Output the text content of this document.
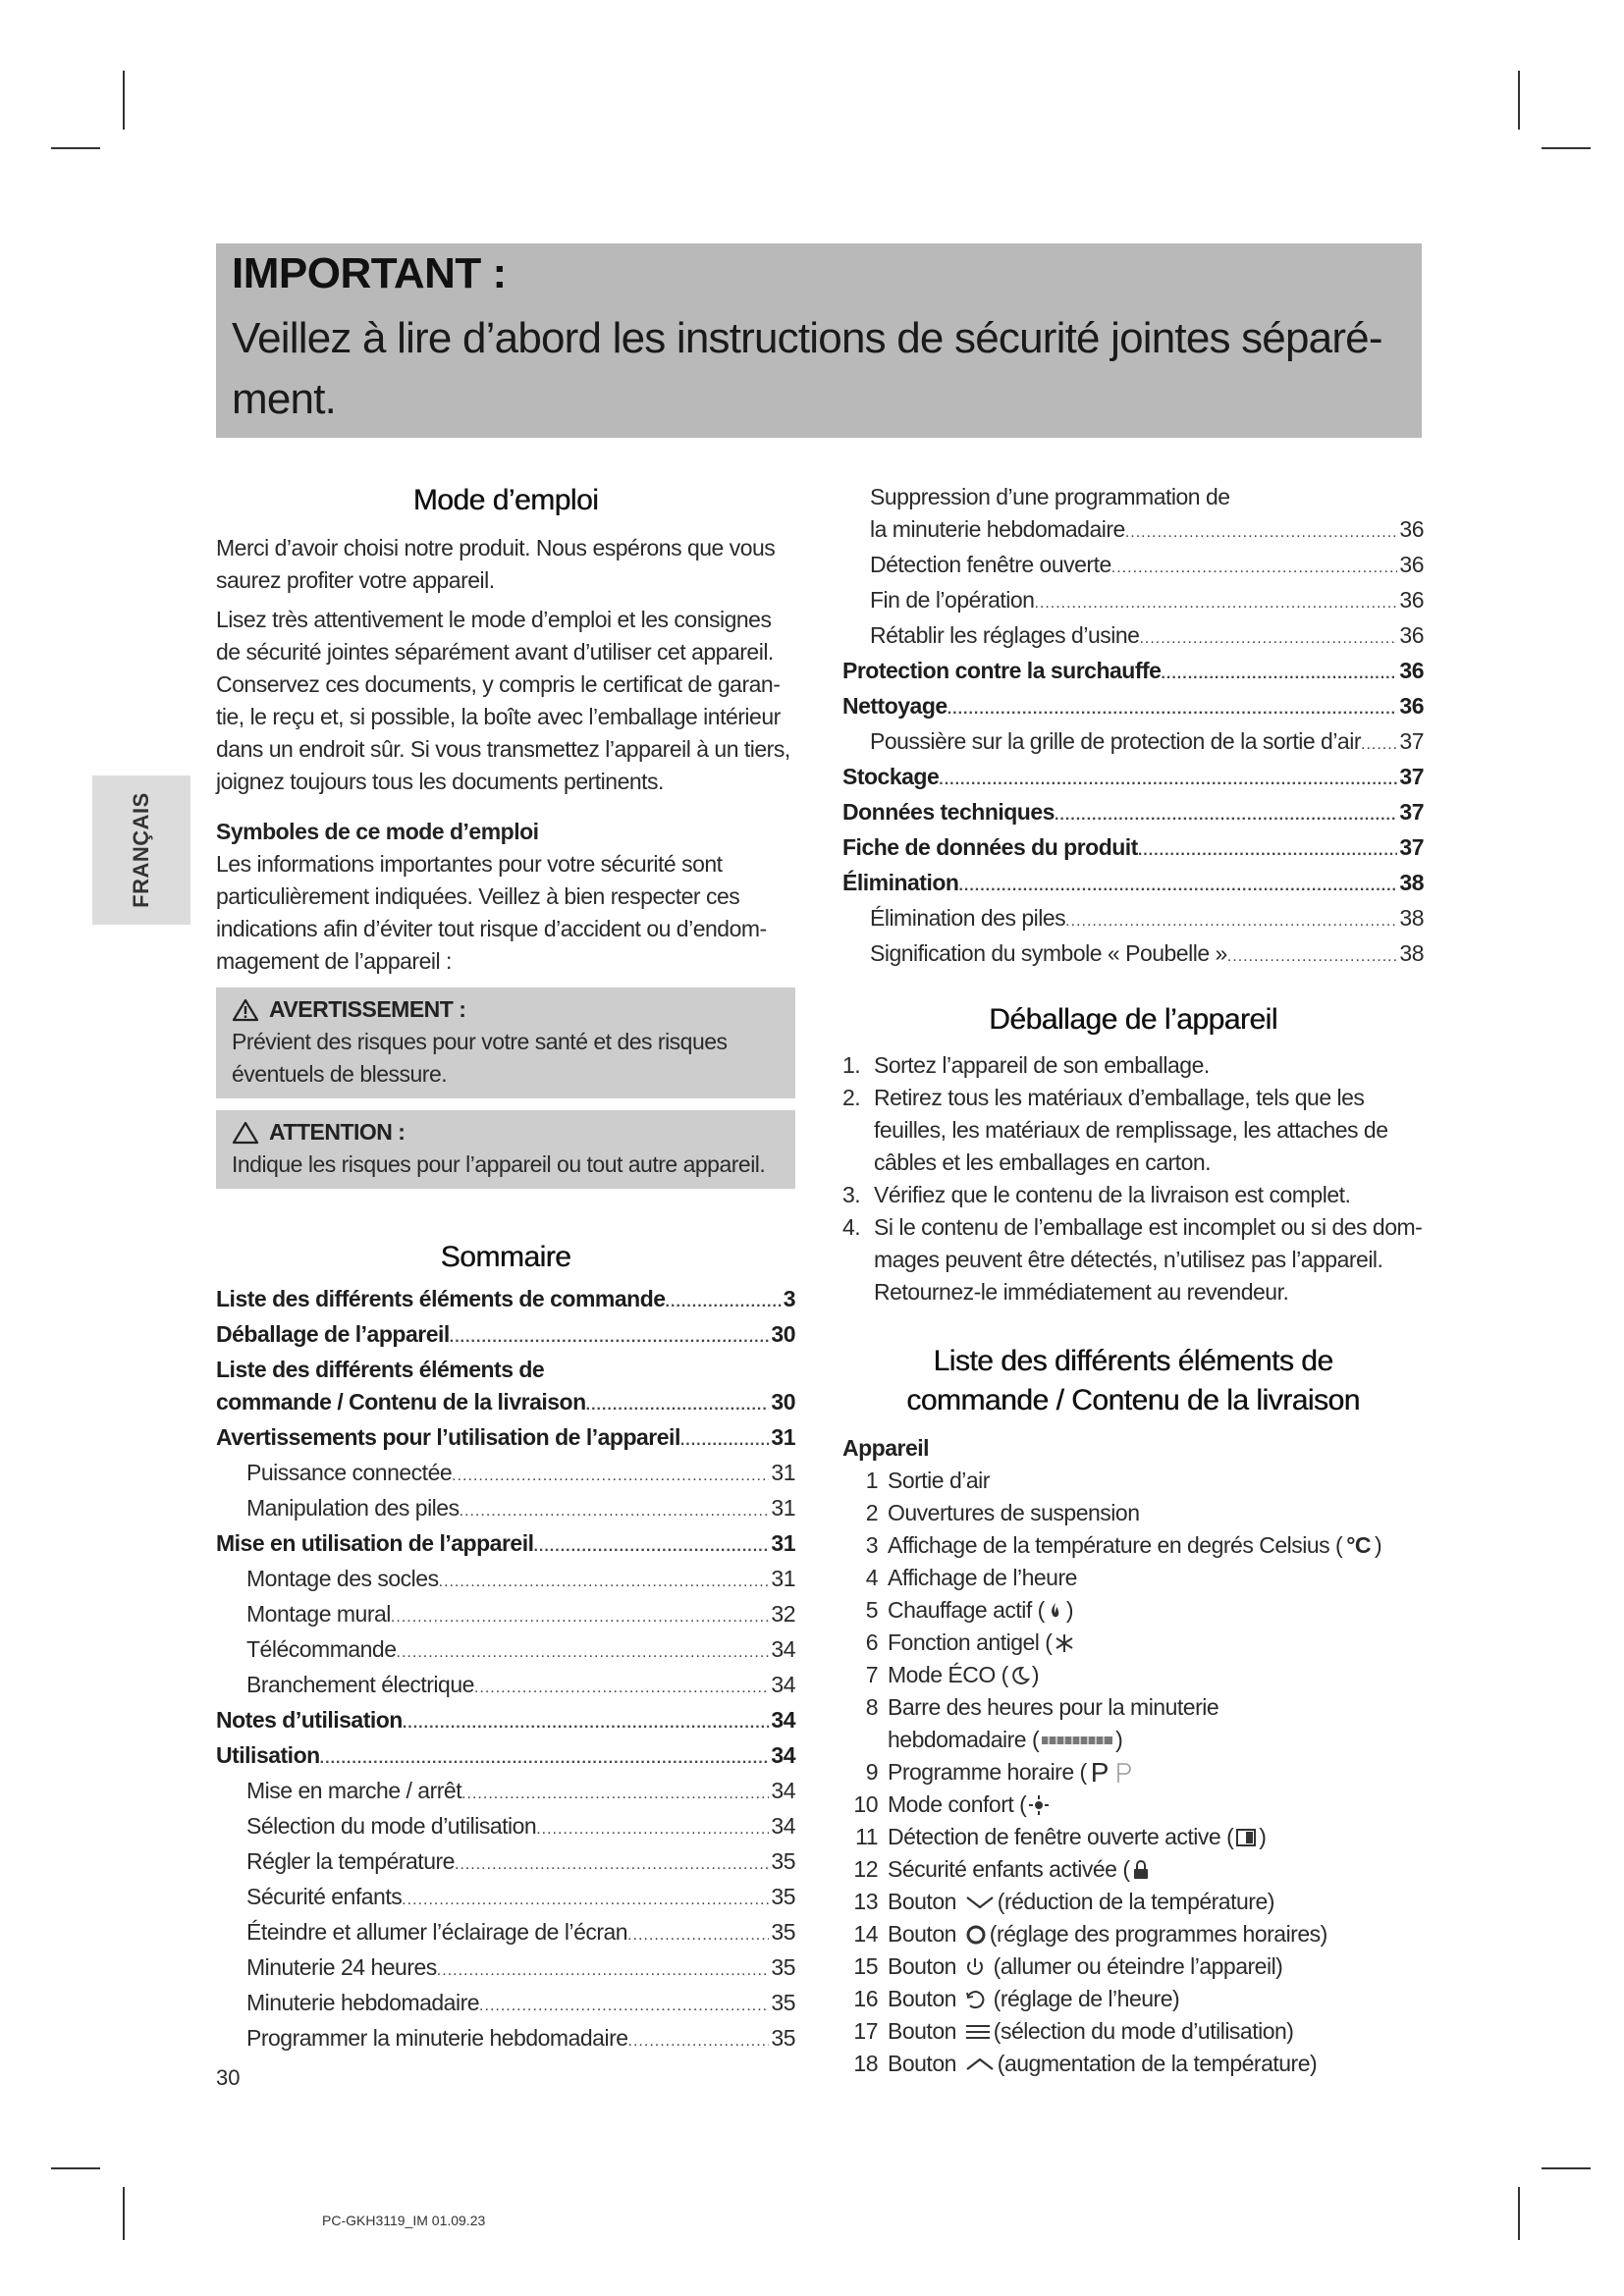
IMPORTANT :
Veillez à lire d’abord les instructions de sécurité jointes séparé-ment.
FRANÇAIS
Mode d’emploi
Merci d’avoir choisi notre produit. Nous espérons que vous saurez profiter votre appareil.
Lisez très attentivement le mode d’emploi et les consignes de sécurité jointes séparément avant d’utiliser cet appareil. Conservez ces documents, y compris le certificat de garan-tie, le reçu et, si possible, la boîte avec l’emballage intérieur dans un endroit sûr. Si vous transmettez l’appareil à un tiers, joignez toujours tous les documents pertinents.
Symboles de ce mode d’emploi
Les informations importantes pour votre sécurité sont particulièrement indiquées. Veillez à bien respecter ces indications afin d’éviter tout risque d’accident ou d’endom-magement de l’appareil :
AVERTISSEMENT :
Prévient des risques pour votre santé et des risques éventuels de blessure.
ATTENTION :
Indique les risques pour l’appareil ou tout autre appareil.
Sommaire
Liste des différents éléments de commande .....	3
Déballage de l’appareil .....	30
Liste des différents éléments de
commande / Contenu de la livraison .....	30
Avertissements pour l’utilisation de l’appareil .....	31
Puissance connectée .....	31
Manipulation des piles .....	31
Mise en utilisation de l’appareil .....	31
Montage des socles .....	31
Montage mural .....	32
Télécommande .....	34
Branchement électrique .....	34
Notes d’utilisation .....	34
Utilisation .....	34
Mise en marche / arrêt .....	34
Sélection du mode d’utilisation .....	34
Régler la température .....	35
Sécurité enfants .....	35
Éteindre et allumer l’éclairage de l’écran .....	35
Minuterie 24 heures .....	35
Minuterie hebdomadaire .....	35
Programmer la minuterie hebdomadaire .....	35
Suppression d’une programmation de
la minuterie hebdomadaire .....	36
Détection fenêtre ouverte .....	36
Fin de l’opération .....	36
Rétablir les réglages d’usine .....	36
Protection contre la surchauffe .....	36
Nettoyage .....	36
Poussière sur la grille de protection de la sortie d’air ..... 37
Stockage .....	37
Données techniques .....	37
Fiche de données du produit .....	37
Élimination .....	38
Élimination des piles .....	38
Signification du symbole « Poubelle » .....	38
Déballage de l’appareil
1. Sortez l’appareil de son emballage.
2. Retirez tous les matériaux d’emballage, tels que les feuilles, les matériaux de remplissage, les attaches de câbles et les emballages en carton.
3. Vérifiez que le contenu de la livraison est complet.
4. Si le contenu de l’emballage est incomplet ou si des dom-mages peuvent être détectés, n’utilisez pas l’appareil. Retournez-le immédiatement au revendeur.
Liste des différents éléments de
commande / Contenu de la livraison
Appareil
1 Sortie d’air
2 Ouvertures de suspension
3 Affichage de la température en degrés Celsius ( °C )
4 Affichage de l’heure
5 Chauffage actif ( )
6 Fonction antigel (
7 Mode ÉCO ( )
8 Barre des heures pour la minuterie
hebdomadaire (	)
9 Programme horaire ( P
10 Mode confort (
11 Détection de fenêtre ouverte active ( )
12 Sécurité enfants activée (
13 Bouton (réduction de la température)
14 Bouton (réglage des programmes horaires)
15 Bouton (allumer ou éteindre l’appareil)
16 Bouton (réglage de l’heure)
17 Bouton (sélection du mode d’utilisation)
18 Bouton (augmentation de la température)
30
PC-GKH3119_IM 01.09.23
